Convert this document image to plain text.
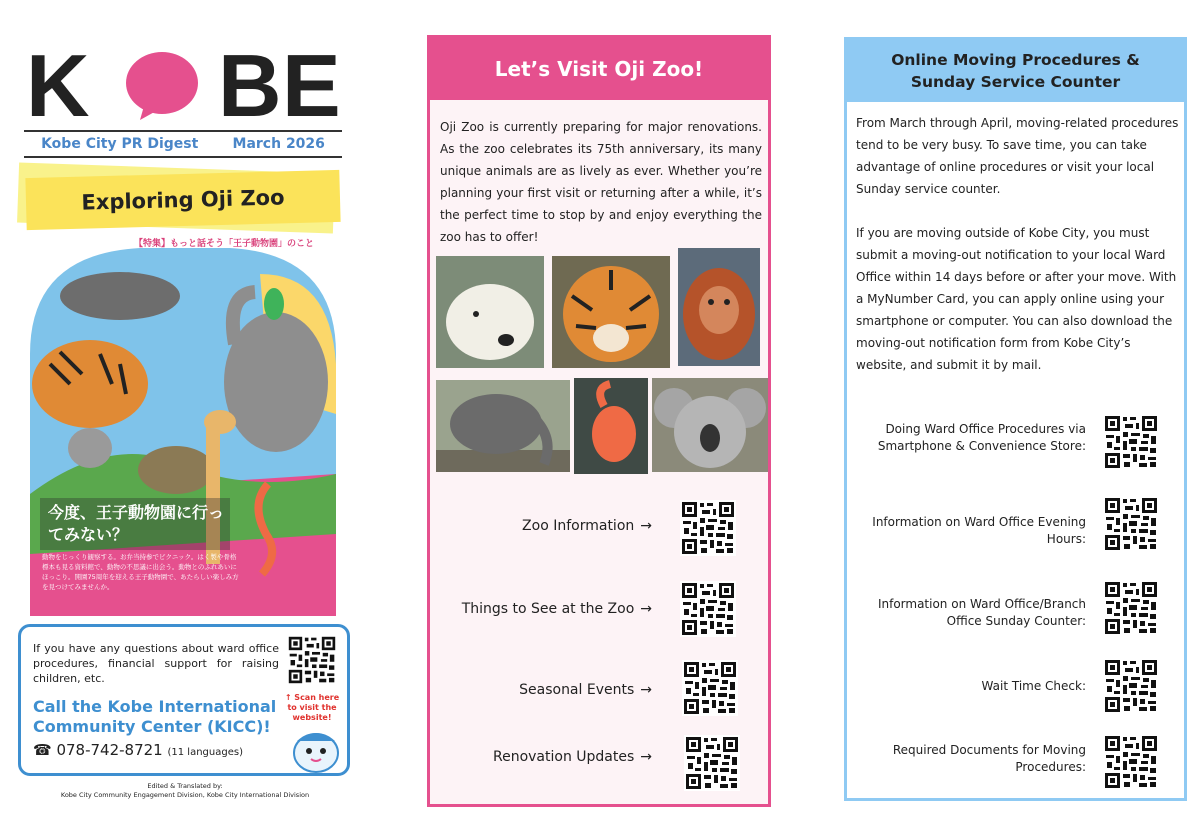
K B E
Kobe City PR Digest March 2026
Exploring Oji Zoo
【特集】もっと話そう「王子動物園」のこと
今度、王子動物園に行ってみない？
動物をじっくり観察する。お弁当持参でピクニック。はく製や骨格標本も見る資料館で、動物の不思議に出会う。動物とのふれあいにほっこり。開園75周年を迎える王子動物園で、あたらしい楽しみ方を見つけてみませんか。
If you have any questions about ward office procedures, financial support for raising children, etc.
Call the Kobe International Community Center (KICC)!
☎ 078-742-8721 (11 languages)
↑ Scan here to visit the website!
Edited & Translated by:
Kobe City Community Engagement Division, Kobe City International Division
Let’s Visit Oji Zoo!
Oji Zoo is currently preparing for major renovations. As the zoo celebrates its 75th anniversary, its many unique animals are as lively as ever. Whether you’re planning your first visit or returning after a while, it’s the perfect time to stop by and enjoy everything the zoo has to offer!
Zoo Information →
Things to See at the Zoo →
Seasonal Events →
Renovation Updates →
Online Moving Procedures &
Sunday Service Counter

From March through April, moving-related procedures tend to be very busy. To save time, you can take advantage of online procedures or visit your local Sunday service counter.

If you are moving outside of Kobe City, you must submit a moving-out notification to your local Ward Office within 14 days before or after your move. With a MyNumber Card, you can apply online using your smartphone or computer. You can also download the moving-out notification form from Kobe City’s website, and submit it by mail.

Doing Ward Office Procedures via Smartphone & Convenience Store:
Information on Ward Office Evening Hours:
Information on Ward Office/Branch Office Sunday Counter:
Wait Time Check:
Required Documents for Moving Procedures:
